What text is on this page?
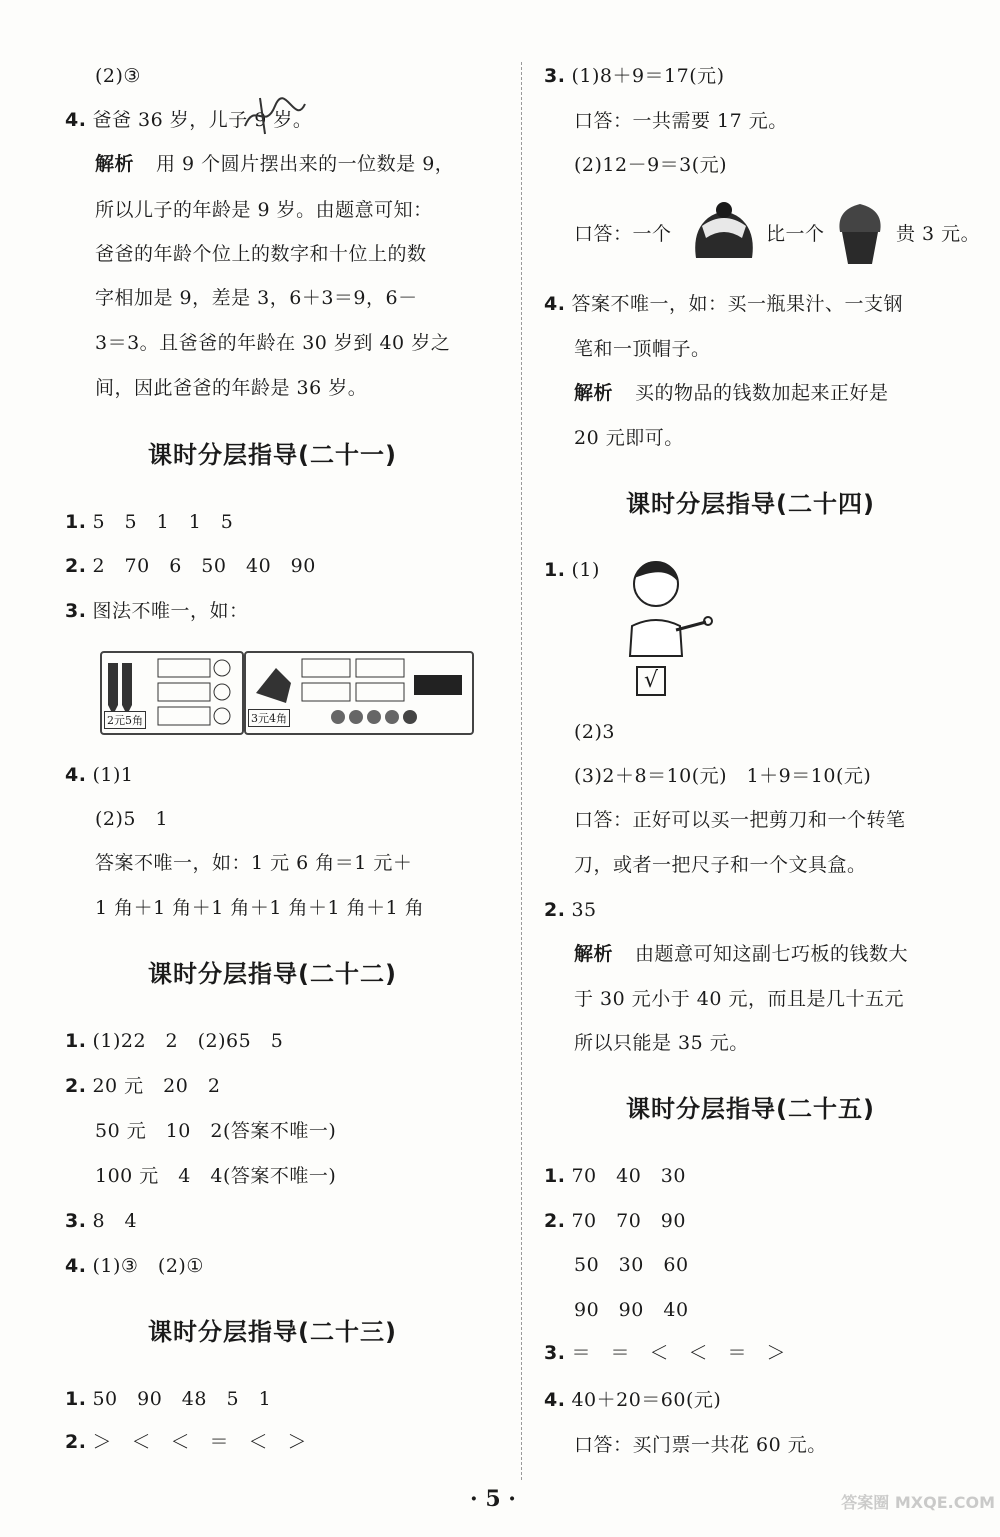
(2)③
4. 爸爸 36 岁，儿子 9 岁。
解析 用 9 个圆片摆出来的一位数是 9，
所以儿子的年龄是 9 岁。由题意可知：
爸爸的年龄个位上的数字和十位上的数
字相加是 9，差是 3，6＋3＝9，6－
3＝3。且爸爸的年龄在 30 岁到 40 岁之
间，因此爸爸的年龄是 36 岁。
课时分层指导(二十一)
1. 5　5　1　1　5
2. 2　70　6　50　40　90
3. 图法不唯一，如：
2元5角	3元4角
4. (1)1
(2)5　1
答案不唯一，如：1 元 6 角＝1 元＋
1 角＋1 角＋1 角＋1 角＋1 角＋1 角
课时分层指导(二十二)
1. (1)22　2　(2)65　5
2. 20 元　20　2
50 元　10　2(答案不唯一)
100 元　4　4(答案不唯一)
3. 8　4
4. (1)③　(2)①
课时分层指导(二十三)
1. 50　90　48　5　1
2. ＞　＜　＜　＝　＜　＞
3. (1)8＋9＝17(元)
口答：一共需要 17 元。
(2)12－9＝3(元)
口答：一个	比一个	贵 3 元。
4. 答案不唯一，如：买一瓶果汁、一支钢
笔和一顶帽子。
解析 买的物品的钱数加起来正好是
20 元即可。
课时分层指导(二十四)
1. (1)
√
(2)3
(3)2＋8＝10(元)　1＋9＝10(元)
口答：正好可以买一把剪刀和一个转笔
刀，或者一把尺子和一个文具盒。
2. 35
解析 由题意可知这副七巧板的钱数大
于 30 元小于 40 元，而且是几十五元
所以只能是 35 元。
课时分层指导(二十五)
1. 70　40　30
2. 70　70　90
50　30　60
90　90　40
3. ＝　＝　＜　＜　＝　＞
4. 40＋20＝60(元)
口答：买门票一共花 60 元。
· 5 ·	答案圈 MXQE.COM
